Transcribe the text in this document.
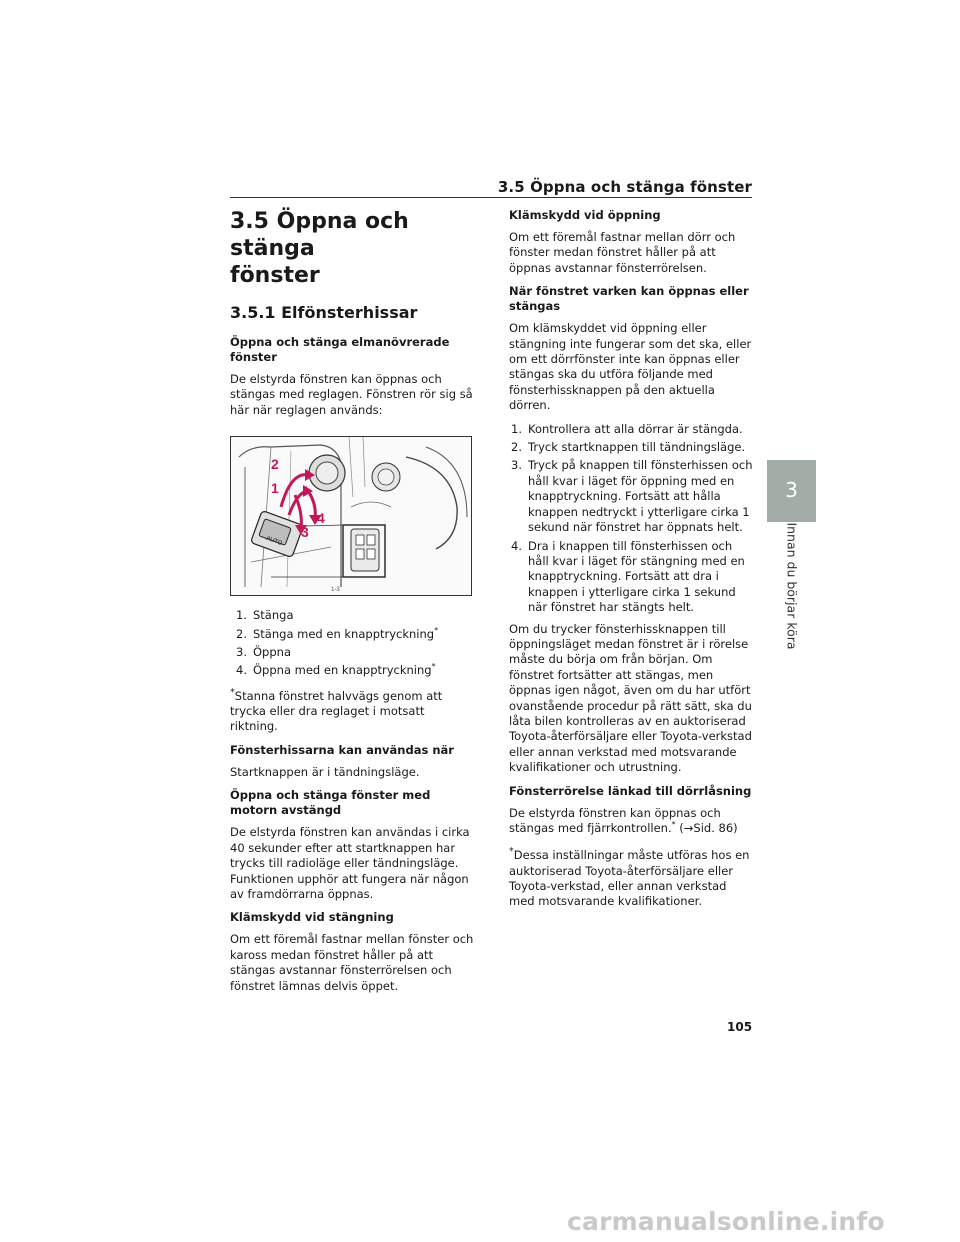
3.5 Öppna och stänga fönster
3.5 Öppna och stänga
fönster
3.5.1 Elfönsterhissar
Öppna och stänga elmanövrerade fönster

De elstyrda fönstren kan öppnas och stängas med reglagen. Fönstren rör sig så här när reglagen används:

AUTO
2
1
3
4
1-3
1. Stänga
2. Stänga med en knapptryckning*
3. Öppna
4. Öppna med en knapptryckning*

*Stanna fönstret halvvägs genom att trycka eller dra reglaget i motsatt riktning.

Fönsterhissarna kan användas när

Startknappen är i tändningsläge.

Öppna och stänga fönster med motorn avstängd

De elstyrda fönstren kan användas i cirka 40 sekunder efter att startknappen har trycks till radioläge eller tändningsläge. Funktionen upphör att fungera när någon av framdörrarna öppnas.

Klämskydd vid stängning

Om ett föremål fastnar mellan fönster och kaross medan fönstret håller på att stängas avstannar fönsterrörelsen och fönstret lämnas delvis öppet.

Klämskydd vid öppning

Om ett föremål fastnar mellan dörr och fönster medan fönstret håller på att öppnas avstannar fönsterrörelsen.

När fönstret varken kan öppnas eller stängas

Om klämskyddet vid öppning eller stängning inte fungerar som det ska, eller om ett dörrfönster inte kan öppnas eller stängas ska du utföra följande med fönsterhissknappen på den aktuella dörren.

1. Kontrollera att alla dörrar är stängda.
2. Tryck startknappen till tändningsläge.
3. Tryck på knappen till fönsterhissen och håll kvar i läget för öppning med en knapptryckning. Fortsätt att hålla knappen nedtryckt i ytterligare cirka 1 sekund när fönstret har öppnats helt.
4. Dra i knappen till fönsterhissen och håll kvar i läget för stängning med en knapptryckning. Fortsätt att dra i knappen i ytterligare cirka 1 sekund när fönstret har stängts helt.

Om du trycker fönsterhissknappen till öppningsläget medan fönstret är i rörelse måste du börja om från början. Om fönstret fortsätter att stängas, men öppnas igen något, även om du har utfört ovanstående procedur på rätt sätt, ska du låta bilen kontrolleras av en auktoriserad Toyota-återförsäljare eller Toyota-verkstad eller annan verkstad med motsvarande kvalifikationer och utrustning.

Fönsterrörelse länkad till dörrlåsning

De elstyrda fönstren kan öppnas och stängas med fjärrkontrollen.* (→Sid. 86)

*Dessa inställningar måste utföras hos en auktoriserad Toyota-återförsäljare eller Toyota-verkstad, eller annan verkstad med motsvarande kvalifikationer.

3
Innan du börjar köra
105
carmanualsonline.info
